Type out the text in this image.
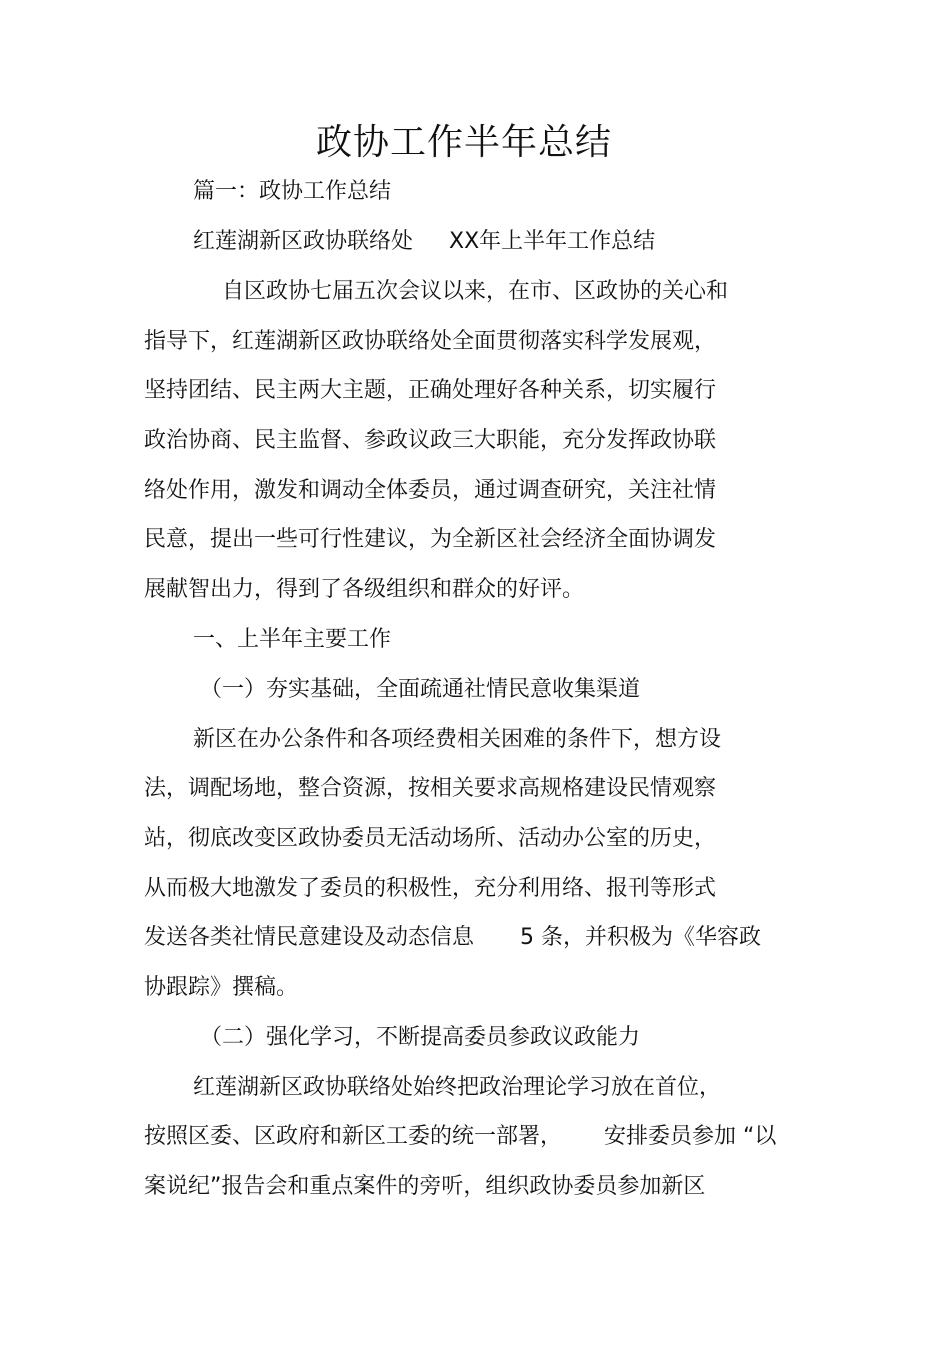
政协工作半年总结
篇一：政协工作总结
红莲湖新区政协联络处 XX年上半年工作总结
自区政协七届五次会议以来，在市、区政协的关心和
指导下，红莲湖新区政协联络处全面贯彻落实科学发展观，
坚持团结、民主两大主题，正确处理好各种关系，切实履行
政治协商、民主监督、参政议政三大职能，充分发挥政协联
络处作用，激发和调动全体委员，通过调查研究，关注社情
民意，提出一些可行性建议，为全新区社会经济全面协调发
展献智出力，得到了各级组织和群众的好评。
一、上半年主要工作
（一）夯实基础，全面疏通社情民意收集渠道
新区在办公条件和各项经费相关困难的条件下，想方设
法，调配场地，整合资源，按相关要求高规格建设民情观察
站，彻底改变区政协委员无活动场所、活动办公室的历史，
从而极大地激发了委员的积极性，充分利用络、报刊等形式
发送各类社情民意建设及动态信息 5 条，并积极为《华容政
协跟踪》撰稿。
（二）强化学习，不断提高委员参政议政能力
红莲湖新区政协联络处始终把政治理论学习放在首位，
按照区委、区政府和新区工委的统一部署， 安排委员参加 “以
案说纪”报告会和重点案件的旁听，组织政协委员参加新区
